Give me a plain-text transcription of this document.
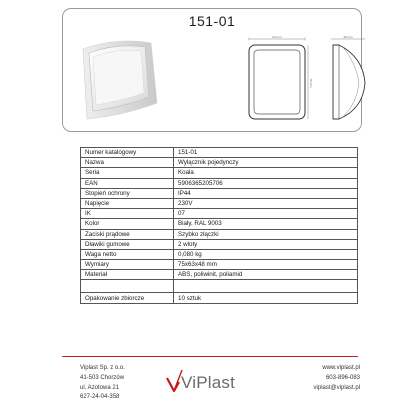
151-01
63 mm
75 mm
48 mm
Numer katalogowy	151-01
Nazwa	Wyłącznik pojedynczy
Seria	Koala
EAN	5906365205706
Stopień ochrony	IP44
Napięcie	230V
IK	07
Kolor	Biały, RAL 9003
Zaciski prądowe	Szybko złączki
Dławiki gumowe	2 wloty
Waga netto	0,080 kg
Wymiary	75x63x48 mm
Materiał	ABS, poliwinit, poliamid

Opakowanie zbiorcze	10 sztuk
Viplast Sp. z o.o.
41-503 Chorzów
ul. Azotowa 21
627-24-04-358
ViPlast
www.viplast.pl
603-896-083
viplast@viplast.pl
